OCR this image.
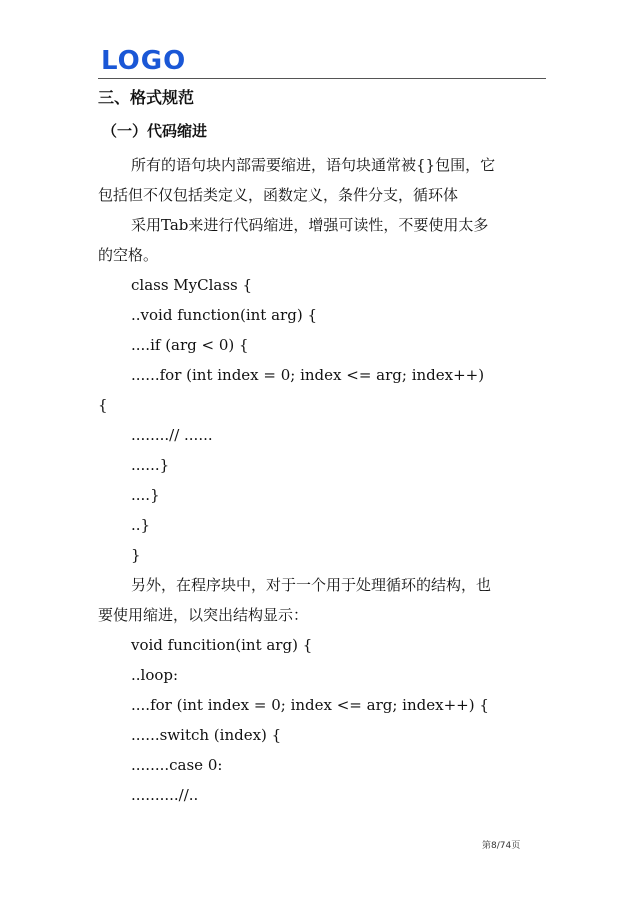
LOGO
三、格式规范
（一）代码缩进
所有的语句块内部需要缩进，语句块通常被{}包围，它
包括但不仅包括类定义，函数定义，条件分支，循环体
采用Tab来进行代码缩进，增强可读性，不要使用太多
的空格。
class MyClass {
..void function(int arg) {
....if (arg < 0) {
......for (int index = 0; index <= arg; index++)
{
........// ......
......}
....}
..}
}
另外，在程序块中，对于一个用于处理循环的结构，也
要使用缩进，以突出结构显示：
void funcition(int arg) {
..loop:
....for (int index = 0; index <= arg; index++) {
......switch (index) {
........case 0:
..........//..
第8/74页
